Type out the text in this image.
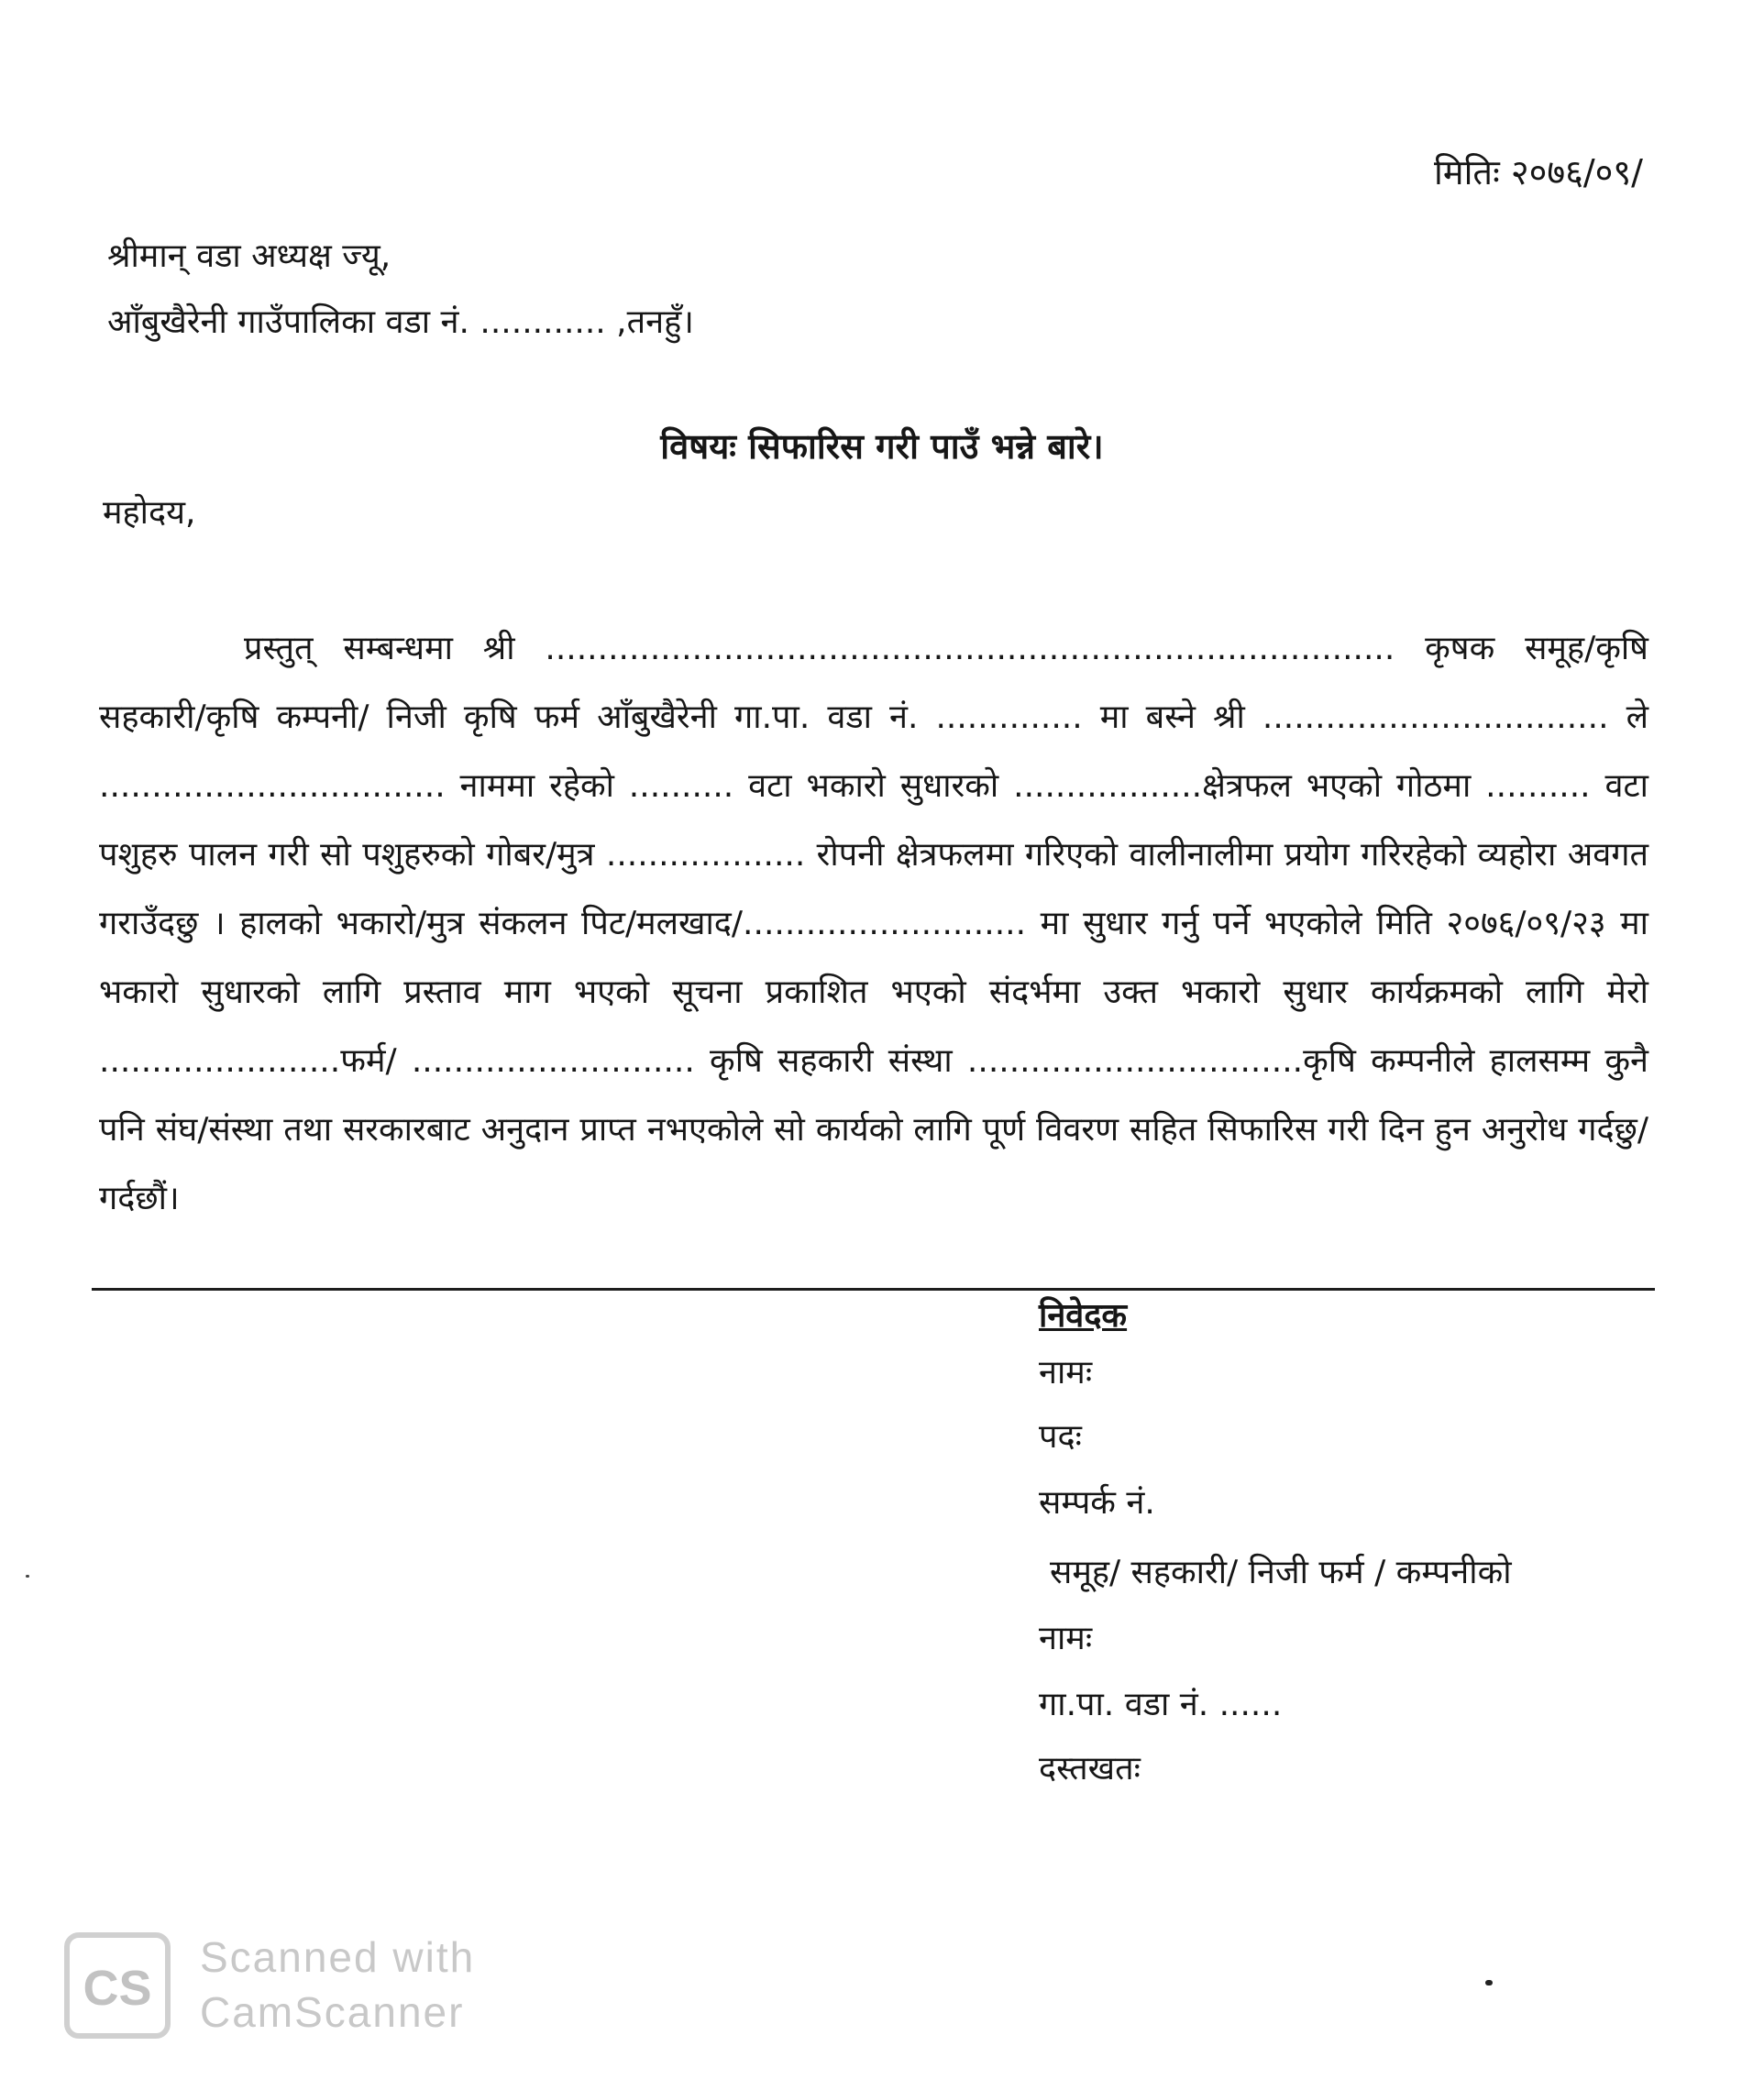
मितिः २०७६/०९/
श्रीमान् वडा अध्यक्ष ज्यू,
आँबुखैरेनी गाउँपालिका वडा नं. ............ ,तनहुँ।
विषयः सिफारिस गरी पाउँ भन्ने बारे।
महोदय,

प्रस्तुत् सम्बन्धमा श्री ................................................................................. कृषक समूह/कृषि सहकारी/कृषि कम्पनी/ निजी कृषि फर्म आँबुखैरेनी गा.पा. वडा नं. .............. मा बस्ने श्री ................................. ले ................................. नाममा रहेको .......... वटा भकारो सुधारको ..................क्षेत्रफल भएको गोठमा .......... वटा पशुहरु पालन गरी सो पशुहरुको गोबर/मुत्र ................... रोपनी क्षेत्रफलमा गरिएको वालीनालीमा प्रयोग गरिरहेको व्यहोरा अवगत गराउँदछु । हालको भकारो/मुत्र संकलन पिट/मलखाद/........................... मा सुधार गर्नु पर्ने भएकोले मिति २०७६/०९/२३ मा भकारो सुधारको लागि प्रस्ताव माग भएको सूचना प्रकाशित भएको संदर्भमा उक्त भकारो सुधार कार्यक्रमको लागि मेरो .......................फर्म/ ........................... कृषि सहकारी संस्था ................................कृषि कम्पनीले हालसम्म कुनै पनि संघ/संस्था तथा सरकारबाट अनुदान प्राप्त नभएकोले सो कार्यको लागि पूर्ण विवरण सहित सिफारिस गरी दिन हुन अनुरोध गर्दछु/गर्दछौं।

निवेदक
नामः
पदः
सम्पर्क नं.
समूह/ सहकारी/ निजी फर्म / कम्पनीको
नामः
गा.पा. वडा नं. ......
दस्तखतः
CS
Scanned with
CamScanner
